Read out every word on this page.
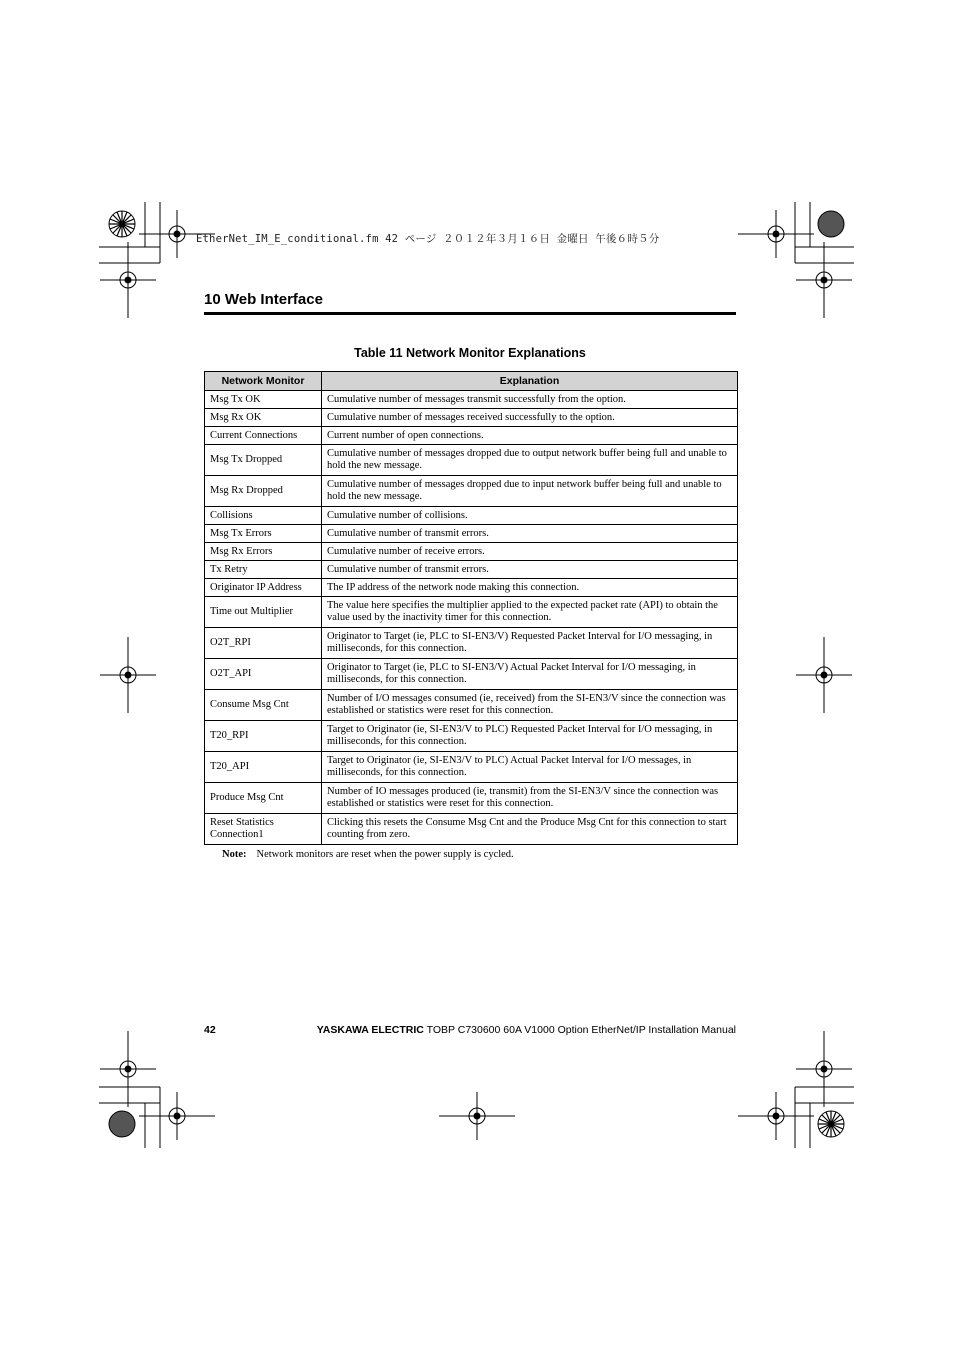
EtherNet_IM_E_conditional.fm 42 ページ ２０１２年３月１６日 金曜日 午後６時５分
10 Web Interface
Table 11 Network Monitor Explanations
Network Monitor	Explanation
Msg Tx OK	Cumulative number of messages transmit successfully from the option.
Msg Rx OK	Cumulative number of messages received successfully to the option.
Current Connections	Current number of open connections.
Msg Tx Dropped	Cumulative number of messages dropped due to output network buffer being full and unable to hold the new message.
Msg Rx Dropped	Cumulative number of messages dropped due to input network buffer being full and unable to hold the new message.
Collisions	Cumulative number of collisions.
Msg Tx Errors	Cumulative number of transmit errors.
Msg Rx Errors	Cumulative number of receive errors.
Tx Retry	Cumulative number of transmit errors.
Originator IP Address	The IP address of the network node making this connection.
Time out Multiplier	The value here specifies the multiplier applied to the expected packet rate (API) to obtain the value used by the inactivity timer for this connection.
O2T_RPI	Originator to Target (ie, PLC to SI-EN3/V) Requested Packet Interval for I/O messaging, in milliseconds, for this connection.
O2T_API	Originator to Target (ie, PLC to SI-EN3/V) Actual Packet Interval for I/O messaging, in milliseconds, for this connection.
Consume Msg Cnt	Number of I/O messages consumed (ie, received) from the SI-EN3/V since the connection was established or statistics were reset for this connection.
T20_RPI	Target to Originator (ie, SI-EN3/V to PLC) Requested Packet Interval for I/O messaging, in milliseconds, for this connection.
T20_API	Target to Originator (ie, SI-EN3/V to PLC) Actual Packet Interval for I/O messages, in milliseconds, for this connection.
Produce Msg Cnt	Number of IO messages produced (ie, transmit) from the SI-EN3/V since the connection was established or statistics were reset for this connection.
Reset Statistics Connection1	Clicking this resets the Consume Msg Cnt and the Produce Msg Cnt for this connection to start counting from zero.
Note: Network monitors are reset when the power supply is cycled.
42	YASKAWA ELECTRIC TOBP C730600 60A V1000 Option EtherNet/IP Installation Manual
